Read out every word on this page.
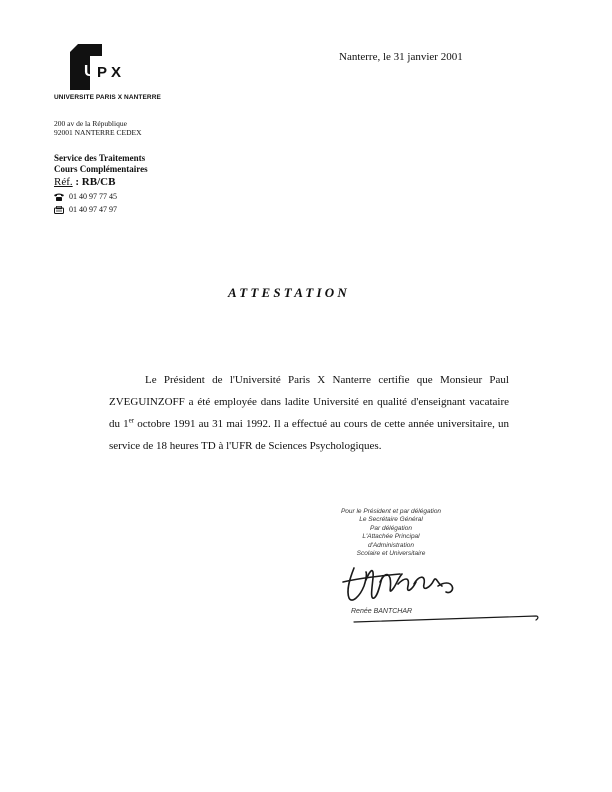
U P X
UNIVERSITE PARIS X NANTERRE
200 av de la République
92001 NANTERRE CEDEX
Service des Traitements
Cours Complémentaires
Réf. : RB/CB
01 40 97 77 45
01 40 97 47 97
Nanterre, le 31 janvier 2001
ATTESTATION

Le Président de l'Université Paris X Nanterre certifie que Monsieur Paul ZVEGUINZOFF a été employée dans ladite Université en qualité d'enseignant vacataire du 1er octobre 1991 au 31 mai 1992. Il a effectué au cours de cette année universitaire, un service de 18 heures TD à l'UFR de Sciences Psychologiques.

Pour le Président et par délégation
Le Secrétaire Général
Par délégation
L'Attachée Principal
d'Administration
Scolaire et Universitaire
Renée BANTCHAR
